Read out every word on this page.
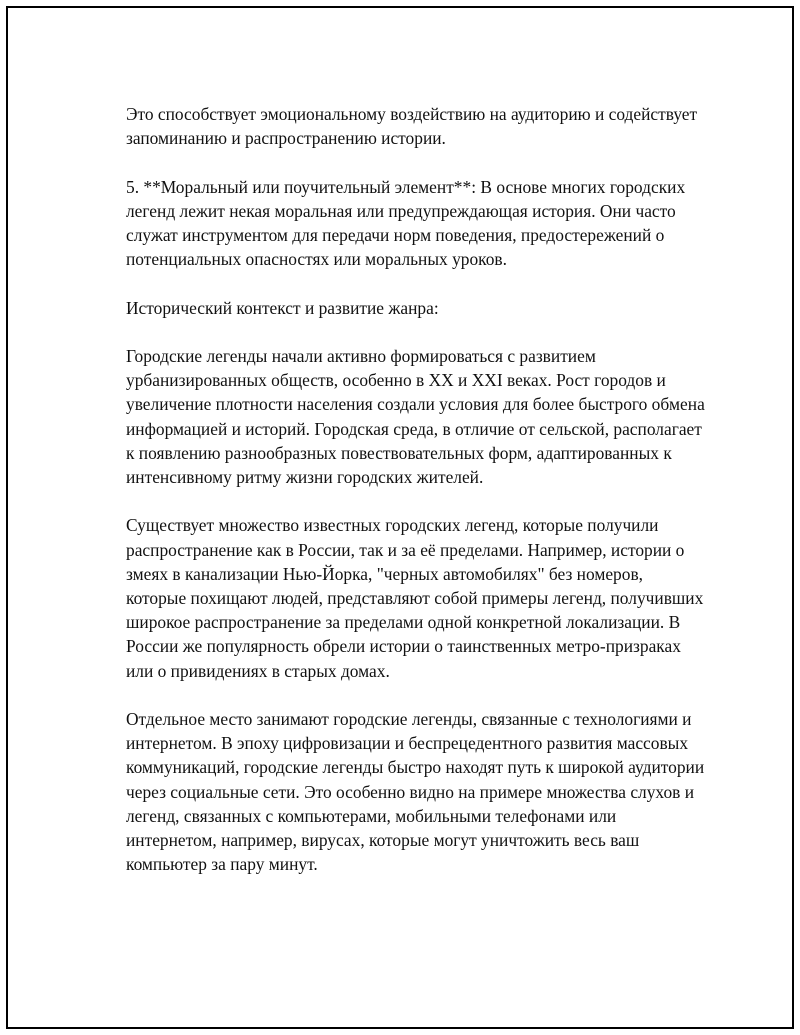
Это способствует эмоциональному воздействию на аудиторию и содействует запоминанию и распространению истории.

5. **Моральный или поучительный элемент**: В основе многих городских легенд лежит некая моральная или предупреждающая история. Они часто служат инструментом для передачи норм поведения, предостережений о потенциальных опасностях или моральных уроков.

Исторический контекст и развитие жанра:

Городские легенды начали активно формироваться с развитием урбанизированных обществ, особенно в XX и XXI веках. Рост городов и увеличение плотности населения создали условия для более быстрого обмена информацией и историй. Городская среда, в отличие от сельской, располагает к появлению разнообразных повествовательных форм, адаптированных к интенсивному ритму жизни городских жителей.

Существует множество известных городских легенд, которые получили распространение как в России, так и за её пределами. Например, истории о змеях в канализации Нью-Йорка, "черных автомобилях" без номеров, которые похищают людей, представляют собой примеры легенд, получивших широкое распространение за пределами одной конкретной локализации. В России же популярность обрели истории о таинственных метро-призраках или о привидениях в старых домах.

Отдельное место занимают городские легенды, связанные с технологиями и интернетом. В эпоху цифровизации и беспрецедентного развития массовых коммуникаций, городские легенды быстро находят путь к широкой аудитории через социальные сети. Это особенно видно на примере множества слухов и легенд, связанных с компьютерами, мобильными телефонами или интернетом, например, вирусах, которые могут уничтожить весь ваш компьютер за пару минут.
